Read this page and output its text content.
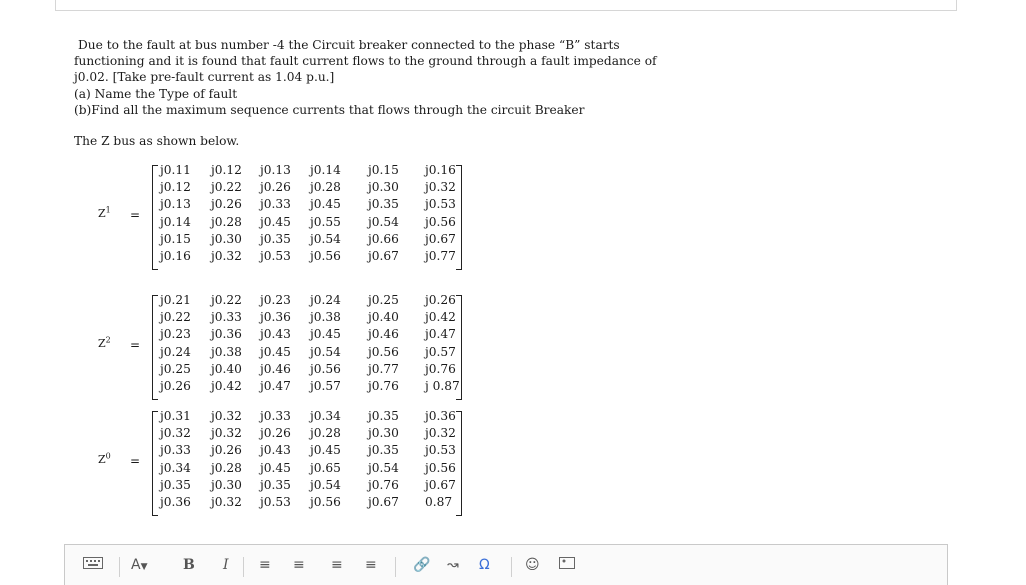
Due to the fault at bus number -4 the Circuit breaker connected to the phase “B” starts
functioning and it is found that fault current flows to the ground through a fault impedance of
j0.02. [Take pre-fault current as 1.04 p.u.]
(a) Name the Type of fault
(b)Find all the maximum sequence currents that flows through the circuit Breaker
The Z bus as shown below.
$Z^1$ =
j0.11 j0.12 j0.13 j0.14 j0.15 j0.16
j0.12 j0.22 j0.26 j0.28 j0.30 j0.32
j0.13 j0.26 j0.33 j0.45 j0.35 j0.53
j0.14 j0.28 j0.45 j0.55 j0.54 j0.56
j0.15 j0.30 j0.35 j0.54 j0.66 j0.67
j0.16 j0.32 j0.53 j0.56 j0.67 j0.77
$Z^2$ =
j0.21 j0.22 j0.23 j0.24 j0.25 j0.26
j0.22 j0.33 j0.36 j0.38 j0.40 j0.42
j0.23 j0.36 j0.43 j0.45 j0.46 j0.47
j0.24 j0.38 j0.45 j0.54 j0.56 j0.57
j0.25 j0.40 j0.46 j0.56 j0.77 j0.76
j0.26 j0.42 j0.47 j0.57 j0.76 j 0.87
$Z^0$ =
j0.31 j0.32 j0.33 j0.34 j0.35 j0.36
j0.32 j0.32 j0.26 j0.28 j0.30 j0.32
j0.33 j0.26 j0.43 j0.45 j0.35 j0.53
j0.34 j0.28 j0.45 j0.65 j0.54 j0.56
j0.35 j0.30 j0.35 j0.54 j0.76 j0.67
j0.36 j0.32 j0.53 j0.56 j0.67 0.87
A▼	B I ≡ ≡ ≡ ≡	🔗 ↝ Ω	☺
